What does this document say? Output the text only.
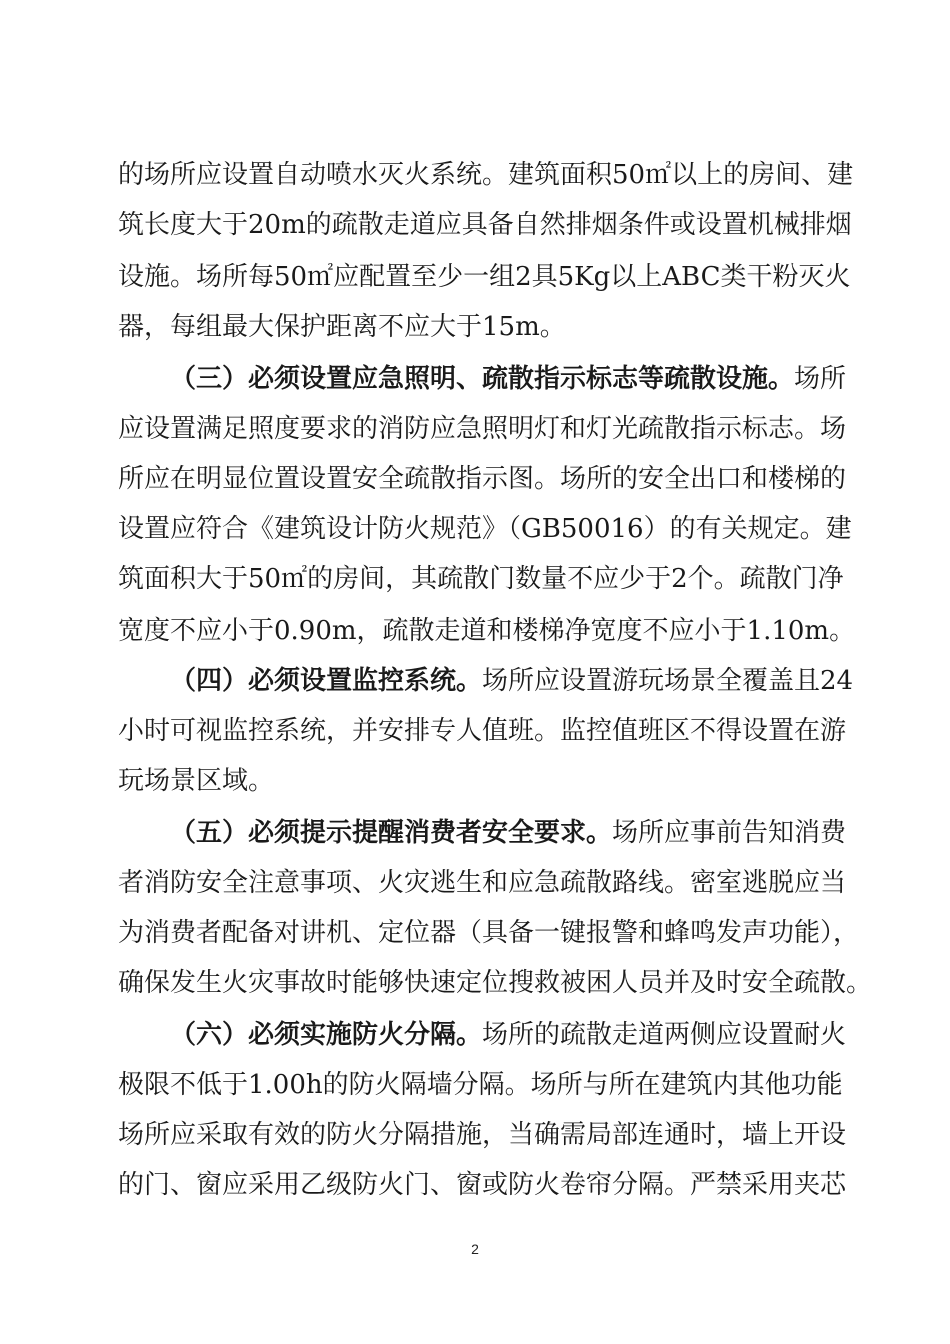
的场所应设置自动喷水灭火系统。建筑面积50㎡以上的房间、建
筑长度大于20m的疏散走道应具备自然排烟条件或设置机械排烟
设施。场所每50㎡应配置至少一组2具5Kg以上ABC类干粉灭火
器，每组最大保护距离不应大于15m。
（三）必须设置应急照明、疏散指示标志等疏散设施。场所
应设置满足照度要求的消防应急照明灯和灯光疏散指示标志。场
所应在明显位置设置安全疏散指示图。场所的安全出口和楼梯的
设置应符合《建筑设计防火规范》（GB50016）的有关规定。建
筑面积大于50㎡的房间，其疏散门数量不应少于2个。疏散门净
宽度不应小于0.90m，疏散走道和楼梯净宽度不应小于1.10m。
（四）必须设置监控系统。场所应设置游玩场景全覆盖且24
小时可视监控系统，并安排专人值班。监控值班区不得设置在游
玩场景区域。
（五）必须提示提醒消费者安全要求。场所应事前告知消费
者消防安全注意事项、火灾逃生和应急疏散路线。密室逃脱应当
为消费者配备对讲机、定位器（具备一键报警和蜂鸣发声功能），
确保发生火灾事故时能够快速定位搜救被困人员并及时安全疏散。
（六）必须实施防火分隔。场所的疏散走道两侧应设置耐火
极限不低于1.00h的防火隔墙分隔。场所与所在建筑内其他功能
场所应采取有效的防火分隔措施，当确需局部连通时，墙上开设
的门、窗应采用乙级防火门、窗或防火卷帘分隔。严禁采用夹芯
2
